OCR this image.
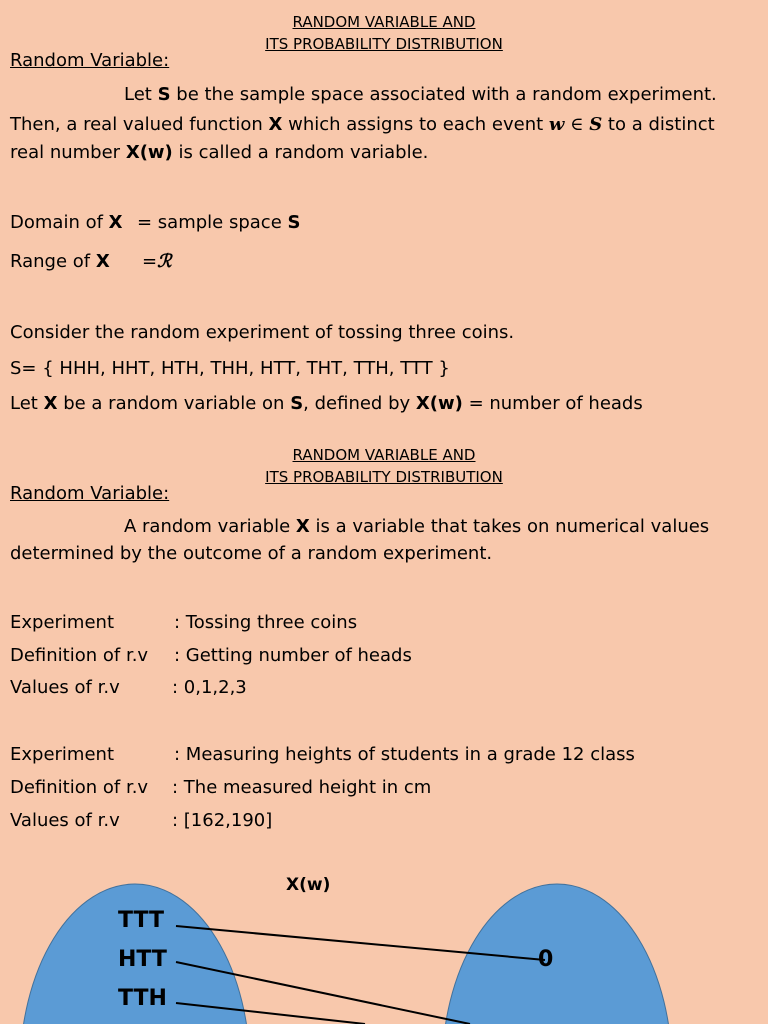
RANDOM VARIABLE AND
ITS PROBABILITY DISTRIBUTION
Random Variable:
Let S be the sample space associated with a random experiment.
Then, a real valued function X which assigns to each event w ∈ S to a distinct
real number X(w) is called a random variable.
Domain of X = sample space S
Range of X =ℛ
Consider the random experiment of tossing three coins.
S= { HHH, HHT, HTH, THH, HTT, THT, TTH, TTT }
Let X be a random variable on S, defined by X(w) = number of heads
RANDOM VARIABLE AND
ITS PROBABILITY DISTRIBUTION
Random Variable:
A random variable X is a variable that takes on numerical values
determined by the outcome of a random experiment.
Experiment	: Tossing three coins
Definition of r.v : Getting number of heads
Values of r.v	: 0,1,2,3
Experiment	: Measuring heights of students in a grade 12 class
Definition of r.v : The measured height in cm
Values of r.v	: [162,190]
X(w)
TTT
HTT
TTH
0
